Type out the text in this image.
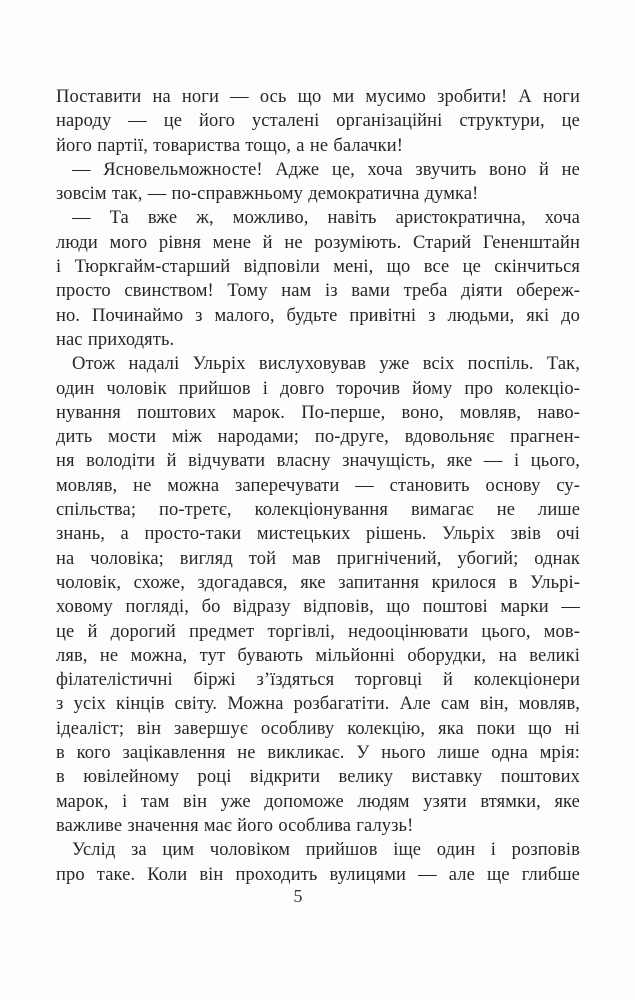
Поставити на ноги — ось що ми мусимо зробити! А ноги
народу — це його усталені організаційні структури, це
його партії, товариства тощо, а не балачки!
— Ясновельможносте! Адже це, хоча звучить воно й не
зовсім так, — по-справжньому демократична думка!
— Та вже ж, можливо, навіть аристократична, хоча
люди мого рівня мене й не розуміють. Старий Гененштайн
і Тюркгайм-старший відповіли мені, що все це скінчиться
просто свинством! Тому нам із вами треба діяти обереж-
но. Починаймо з малого, будьте привітні з людьми, які до
нас приходять.
Отож надалі Ульріх вислуховував уже всіх поспіль. Так,
один чоловік прийшов і довго торочив йому про колекціо-
нування поштових марок. По-перше, воно, мовляв, наво-
дить мости між народами; по-друге, вдовольняє прагнен-
ня володіти й відчувати власну значущість, яке — і цього,
мовляв, не можна заперечувати — становить основу су-
спільства; по-третє, колекціонування вимагає не лише
знань, а просто-таки мистецьких рішень. Ульріх звів очі
на чоловіка; вигляд той мав пригнічений, убогий; однак
чоловік, схоже, здогадався, яке запитання крилося в Ульрі-
ховому погляді, бо відразу відповів, що поштові марки —
це й дорогий предмет торгівлі, недооцінювати цього, мов-
ляв, не можна, тут бувають мільйонні оборудки, на великі
філателістичні біржі з’їздяться торговці й колекціонери
з усіх кінців світу. Можна розбагатіти. Але сам він, мовляв,
ідеаліст; він завершує особливу колекцію, яка поки що ні
в кого зацікавлення не викликає. У нього лише одна мрія:
в ювілейному році відкрити велику виставку поштових
марок, і там він уже допоможе людям узяти втямки, яке
важливе значення має його особлива галузь!
Услід за цим чоловіком прийшов іще один і розповів
про таке. Коли він проходить вулицями — але ще глибше
5
